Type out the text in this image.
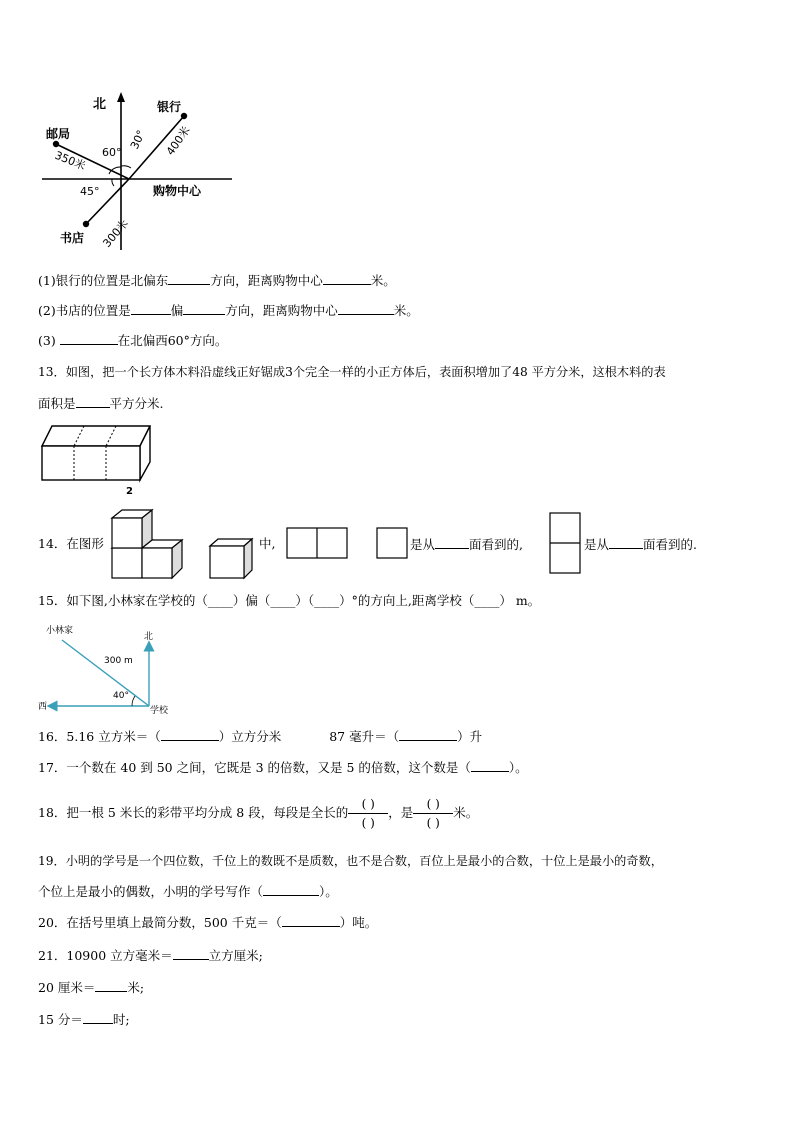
北	银行
400米
30°
邮局
350米 60°
书店 300米
45°	购物中心
(1)银行的位置是北偏东	方向，距离购物中心	米。
(2)书店的位置是	偏	方向，距离购物中心	米。
(3)	在北偏西60°方向。
13．如图，把一个长方体木料沿虚线正好锯成3个完全一样的小正方体后，表面积增加了48 平方分米，这根木料的表
面积是	平方分米.
2
14．在图形	中,	是从	面看到的,	是从	面看到的.
15．如下图,小林家在学校的（____）偏（____）（____）°的方向上,距离学校（____） m。
小林家
北
西	学校
300 m
40°
16．5.16 立方米＝（	）立方分米	87 毫升＝（	）升
17．一个数在 40 到 50 之间，它既是 3 的倍数，又是 5 的倍数，这个数是（	）。
18．把一根 5 米长的彩带平均分成 8 段，每段是全长的 $\frac{( )}{( )}$ ，是 $\frac{( )}{( )}$ 米。
19．小明的学号是一个四位数，千位上的数既不是质数，也不是合数，百位上是最小的合数，十位上是最小的奇数，
个位上是最小的偶数，小明的学号写作（	）。
20．在括号里填上最简分数，500 千克＝（	）吨。
21．10900 立方毫米＝	立方厘米;
20 厘米＝	米;
15 分＝ 时;
